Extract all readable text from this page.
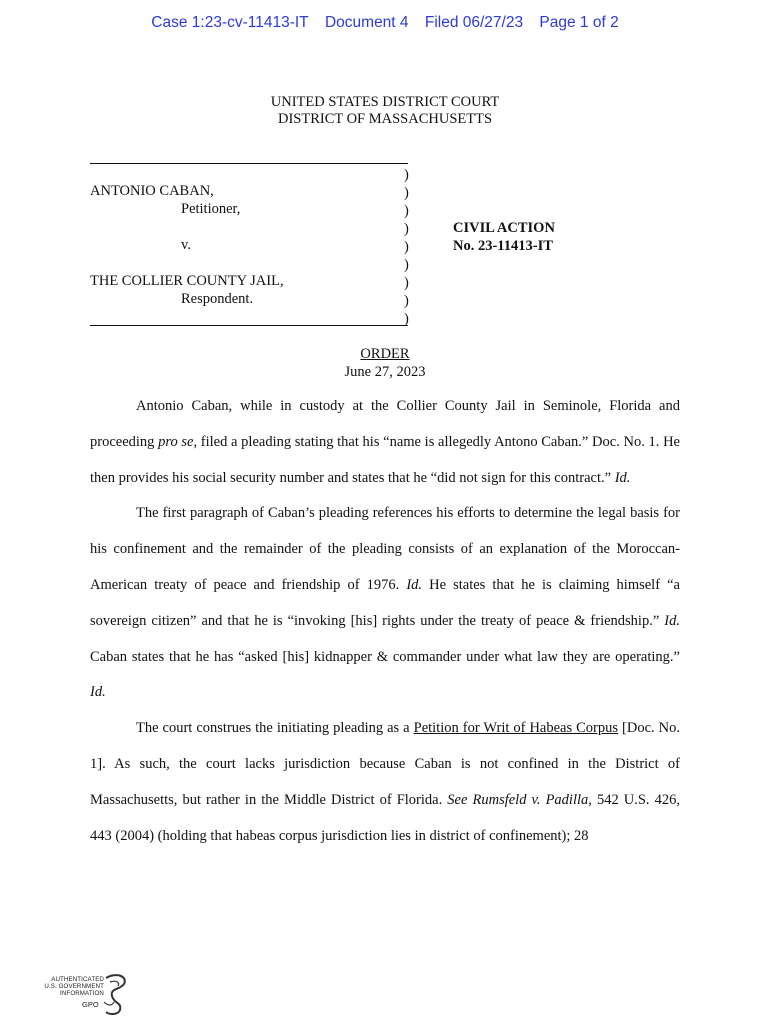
Case 1:23-cv-11413-IT Document 4 Filed 06/27/23 Page 1 of 2
UNITED STATES DISTRICT COURT
DISTRICT OF MASSACHUSETTS
)
)
)
)
)
)
)
)
)
ANTONIO CABAN,
Petitioner,
v.
THE COLLIER COUNTY JAIL,
Respondent.
CIVIL ACTION
No. 23-11413-IT
ORDER
June 27, 2023

Antonio Caban, while in custody at the Collier County Jail in Seminole, Florida and proceeding pro se, filed a pleading stating that his “name is allegedly Antono Caban.” Doc. No. 1. He then provides his social security number and states that he “did not sign for this contract.” Id.

The first paragraph of Caban’s pleading references his efforts to determine the legal basis for his confinement and the remainder of the pleading consists of an explanation of the Moroccan-American treaty of peace and friendship of 1976. Id. He states that he is claiming himself “a sovereign citizen” and that he is “invoking [his] rights under the treaty of peace & friendship.” Id. Caban states that he has “asked [his] kidnapper & commander under what law they are operating.” Id.

The court construes the initiating pleading as a Petition for Writ of Habeas Corpus [Doc. No. 1]. As such, the court lacks jurisdiction because Caban is not confined in the District of Massachusetts, but rather in the Middle District of Florida. See Rumsfeld v. Padilla, 542 U.S. 426, 443 (2004) (holding that habeas corpus jurisdiction lies in district of confinement); 28

AUTHENTICATED U.S. GOVERNMENT INFORMATION
GPO
